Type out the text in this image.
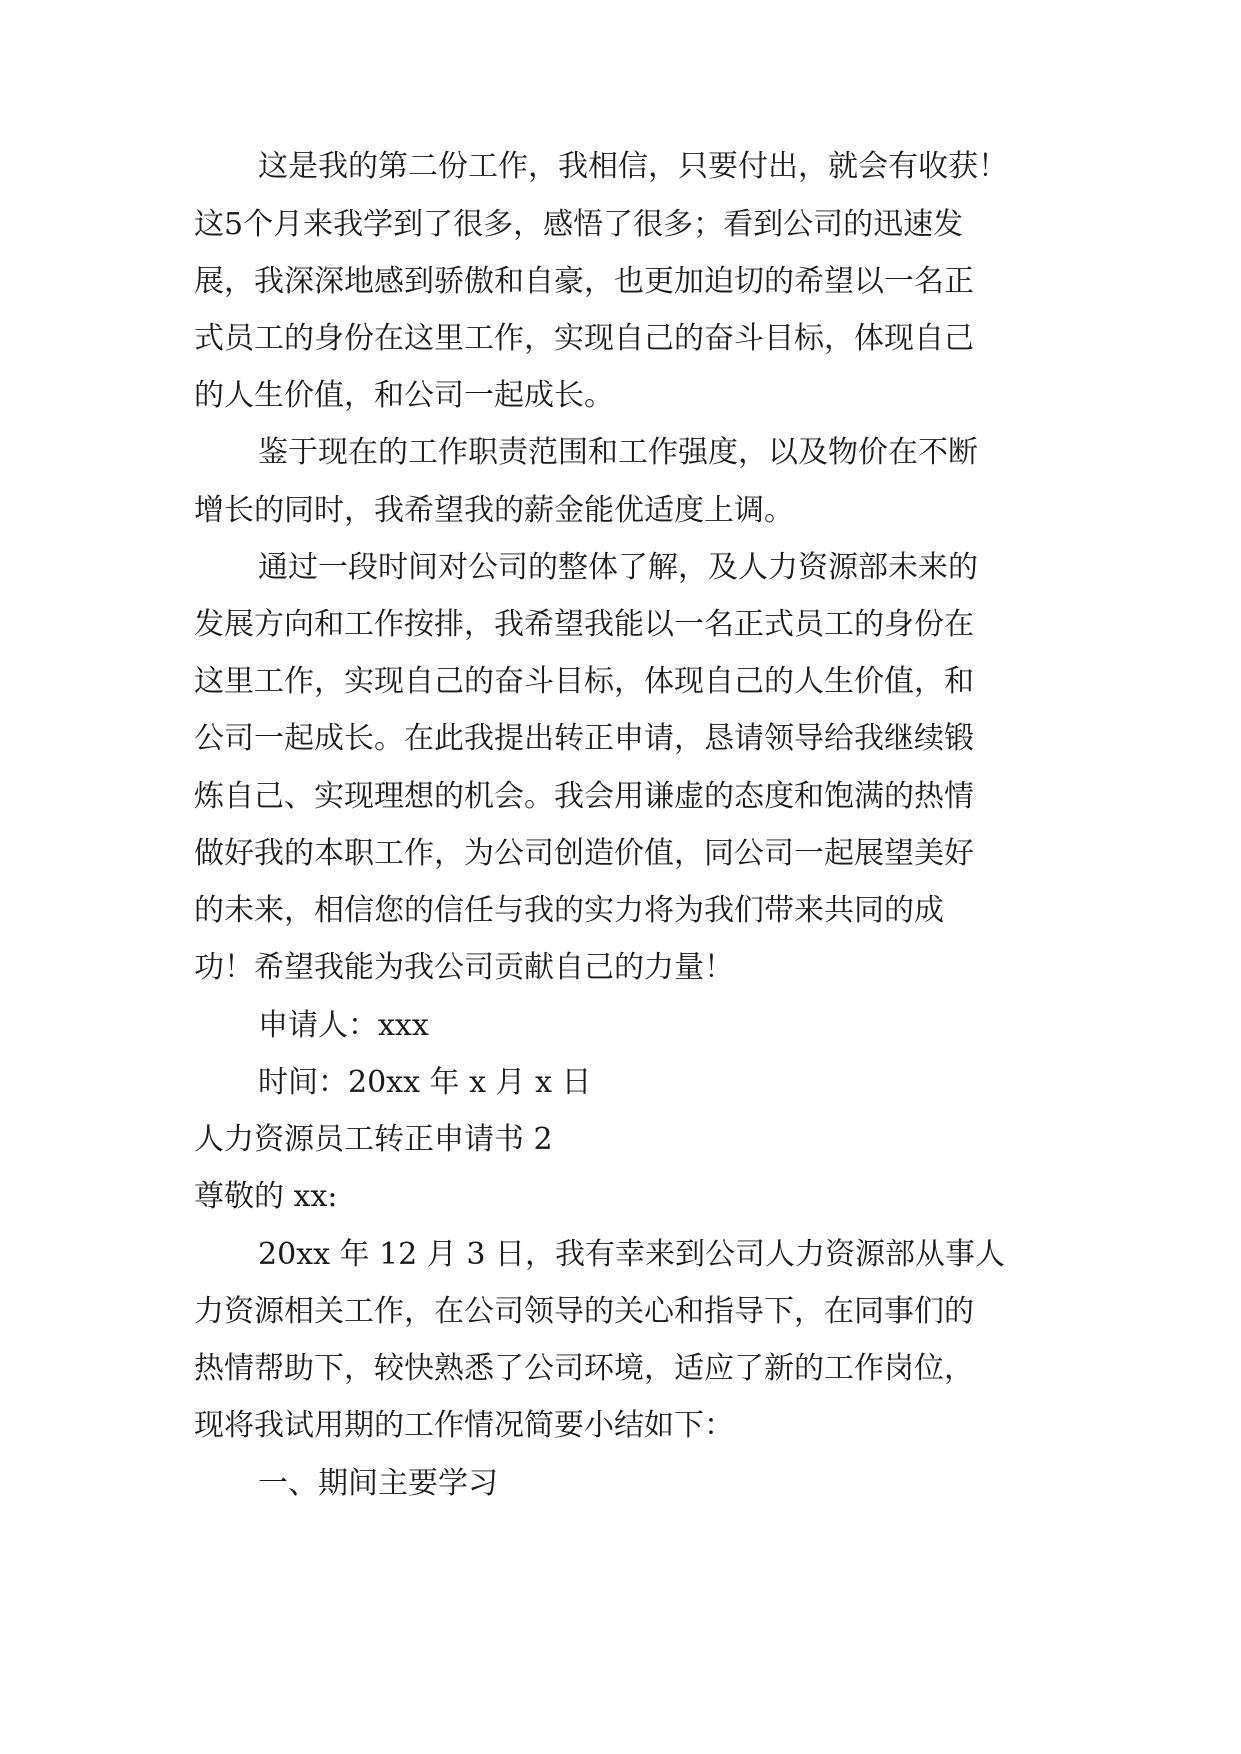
这是我的第二份工作，我相信，只要付出，就会有收获！
这5个月来我学到了很多，感悟了很多；看到公司的迅速发
展，我深深地感到骄傲和自豪，也更加迫切的希望以一名正
式员工的身份在这里工作，实现自己的奋斗目标，体现自己
的人生价值，和公司一起成长。
鉴于现在的工作职责范围和工作强度，以及物价在不断
增长的同时，我希望我的薪金能优适度上调。
通过一段时间对公司的整体了解，及人力资源部未来的
发展方向和工作按排，我希望我能以一名正式员工的身份在
这里工作，实现自己的奋斗目标，体现自己的人生价值，和
公司一起成长。在此我提出转正申请，恳请领导给我继续锻
炼自己、实现理想的机会。我会用谦虚的态度和饱满的热情
做好我的本职工作，为公司创造价值，同公司一起展望美好
的未来，相信您的信任与我的实力将为我们带来共同的成
功！希望我能为我公司贡献自己的力量！
申请人：xxx
时间：20xx 年 x 月 x 日
人力资源员工转正申请书 2
尊敬的 xx:
20xx 年 12 月 3 日，我有幸来到公司人力资源部从事人
力资源相关工作，在公司领导的关心和指导下，在同事们的
热情帮助下，较快熟悉了公司环境，适应了新的工作岗位，
现将我试用期的工作情况简要小结如下：
一、期间主要学习
